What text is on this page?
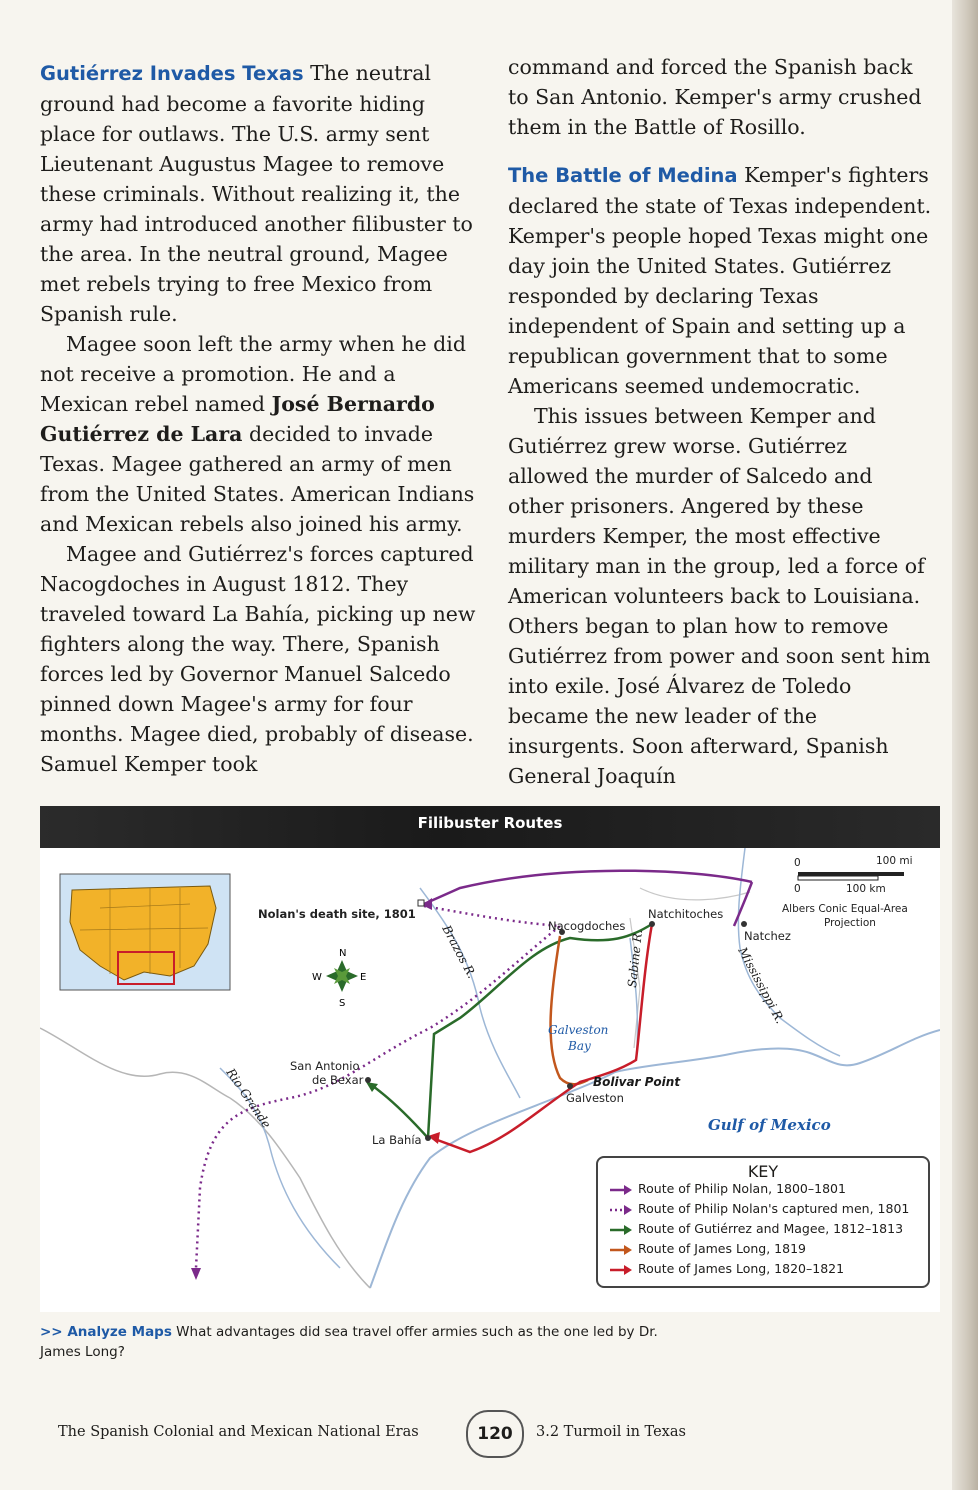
Gutiérrez Invades Texas The neutral ground had become a favorite hiding place for outlaws. The U.S. army sent Lieutenant Augustus Magee to remove these criminals. Without realizing it, the army had introduced another filibuster to the area. In the neutral ground, Magee met rebels trying to free Mexico from Spanish rule.

Magee soon left the army when he did not receive a promotion. He and a Mexican rebel named José Bernardo Gutiérrez de Lara decided to invade Texas. Magee gathered an army of men from the United States. American Indians and Mexican rebels also joined his army.

Magee and Gutiérrez's forces captured Nacogdoches in August 1812. They traveled toward La Bahía, picking up new fighters along the way. There, Spanish forces led by Governor Manuel Salcedo pinned down Magee's army for four months. Magee died, probably of disease. Samuel Kemper took

command and forced the Spanish back to San Antonio. Kemper's army crushed them in the Battle of Rosillo.

The Battle of Medina Kemper's fighters declared the state of Texas independent. Kemper's people hoped Texas might one day join the United States. Gutiérrez responded by declaring Texas independent of Spain and setting up a republican government that to some Americans seemed undemocratic.

This issues between Kemper and Gutiérrez grew worse. Gutiérrez allowed the murder of Salcedo and other prisoners. Angered by these murders Kemper, the most effective military man in the group, led a force of American volunteers back to Louisiana. Others began to plan how to remove Gutiérrez from power and soon sent him into exile. José Álvarez de Toledo became the new leader of the insurgents. Soon afterward, Spanish General Joaquín

Filibuster Routes
N
S
E
W
Nolan's death site, 1801
Nacogdoches
Natchitoches
Natchez
San Antonio
de Bexar
La Bahía
Galveston
Galveston
Bay
Gulf of Mexico
Bolivar Point
Brazos R.	Sabine R.	Mississippi R.
Rio Grande
0	100 mi
0	100 km
Albers Conic Equal-Area
Projection
KEY
Route of Philip Nolan, 1800–1801
Route of Philip Nolan's captured men, 1801
Route of Gutiérrez and Magee, 1812–1813
Route of James Long, 1819
Route of James Long, 1820–1821
>> Analyze Maps What advantages did sea travel offer armies such as the one led by Dr. James Long?
The Spanish Colonial and Mexican National Eras	120	3.2 Turmoil in Texas
